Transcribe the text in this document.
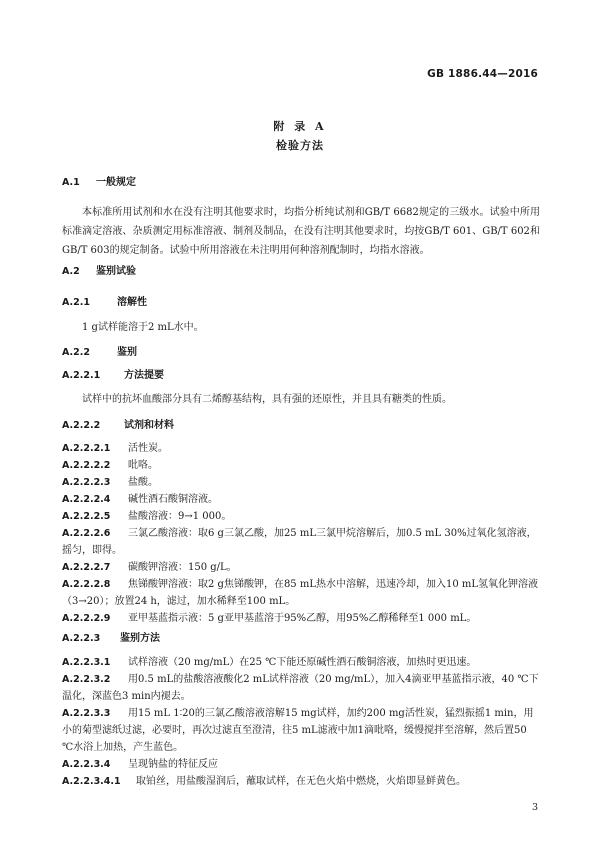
GB 1886.44—2016
附 录 A
检验方法
A.1 一般规定
本标准所用试剂和水在没有注明其他要求时，均指分析纯试剂和GB/T 6682规定的三级水。试验中所用标准滴定溶液、杂质测定用标准溶液、制剂及制品，在没有注明其他要求时，均按GB/T 601、GB/T 602和GB/T 603的规定制备。试验中所用溶液在未注明用何种溶剂配制时，均指水溶液。
A.2 鉴别试验
A.2.1	溶解性
1 g试样能溶于2 mL水中。
A.2.2	鉴别
A.2.2.1 方法提要
试样中的抗坏血酸部分具有二烯醇基结构，具有强的还原性，并且具有糖类的性质。
A.2.2.2 试剂和材料
A.2.2.2.1 活性炭。
A.2.2.2.2 吡咯。
A.2.2.2.3 盐酸。
A.2.2.2.4 碱性酒石酸铜溶液。
A.2.2.2.5 盐酸溶液：9→1 000。
A.2.2.2.6 三氯乙酸溶液：取6 g三氯乙酸，加25 mL三氯甲烷溶解后，加0.5 mL 30%过氧化氢溶液，摇匀，即得。
A.2.2.2.7 碳酸钾溶液：150 g/L。
A.2.2.2.8 焦锑酸钾溶液：取2 g焦锑酸钾，在85 mL热水中溶解，迅速冷却，加入10 mL氢氧化钾溶液（3→20）；放置24 h，滤过，加水稀释至100 mL。
A.2.2.2.9 亚甲基蓝指示液：5 g亚甲基蓝溶于95%乙醇，用95%乙醇稀释至1 000 mL。
A.2.2.3 鉴别方法
A.2.2.3.1 试样溶液（20 mg/mL）在25 ℃下能还原碱性酒石酸铜溶液，加热时更迅速。
A.2.2.3.2 用0.5 mL的盐酸溶液酸化2 mL试样溶液（20 mg/mL），加入4滴亚甲基蓝指示液，40 ℃下温化，深蓝色3 min内褪去。
A.2.2.3.3 用15 mL 1∶20的三氯乙酸溶液溶解15 mg试样，加约200 mg活性炭，猛烈振摇1 min，用小的菊型滤纸过滤，必要时，再次过滤直至澄清，往5 mL滤液中加1滴吡咯，缓慢搅拌至溶解，然后置50 ℃水浴上加热，产生蓝色。
A.2.2.3.4 呈现钠盐的特征反应
A.2.2.3.4.1 取铂丝，用盐酸湿润后，蘸取试样，在无色火焰中燃烧，火焰即显鲜黄色。
3
